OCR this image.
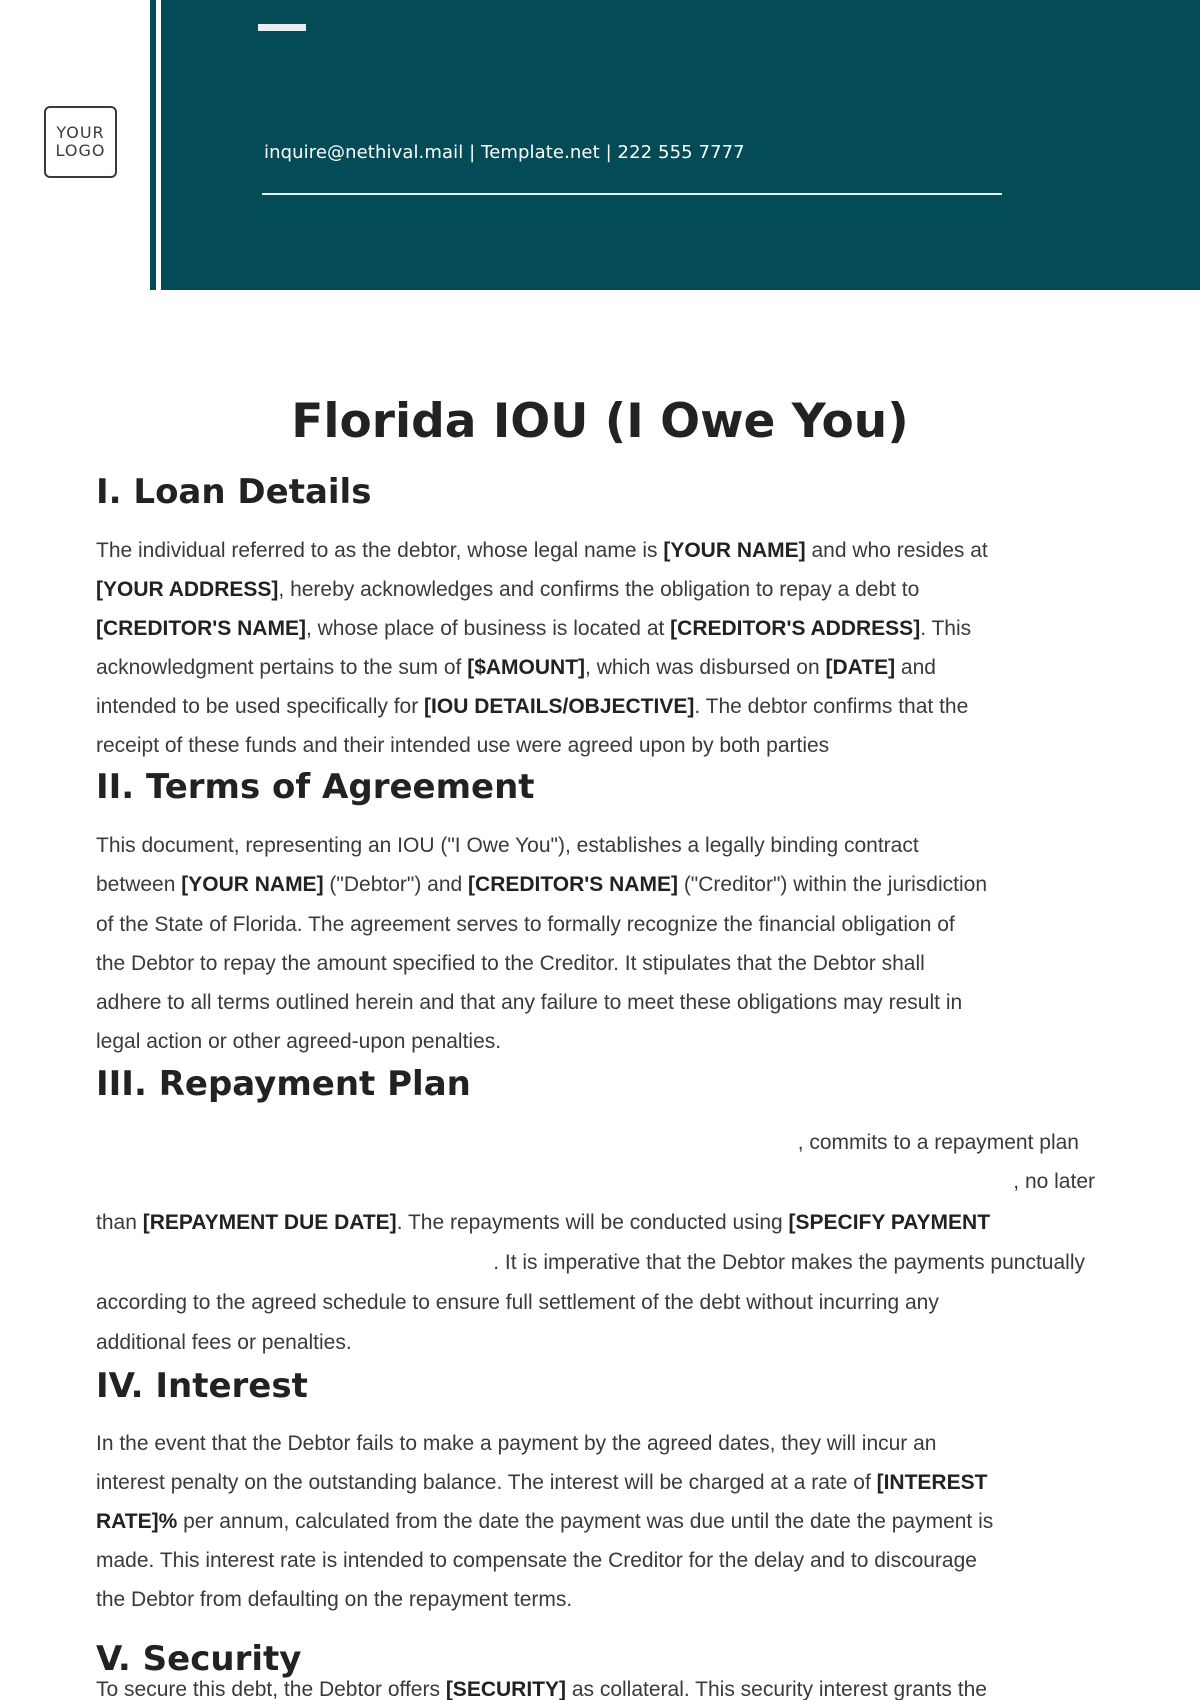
YOUR
LOGO	inquire@nethival.mail | Template.net | 222 555 7777
Florida IOU (I Owe You)
I. Loan Details
The individual referred to as the debtor, whose legal name is [YOUR NAME] and who resides at
[YOUR ADDRESS], hereby acknowledges and confirms the obligation to repay a debt to
[CREDITOR'S NAME], whose place of business is located at [CREDITOR'S ADDRESS]. This
acknowledgment pertains to the sum of [$AMOUNT], which was disbursed on [DATE] and
intended to be used specifically for [IOU DETAILS/OBJECTIVE]. The debtor confirms that the
receipt of these funds and their intended use were agreed upon by both parties
II. Terms of Agreement
This document, representing an IOU ("I Owe You"), establishes a legally binding contract
between [YOUR NAME] ("Debtor") and [CREDITOR'S NAME] ("Creditor") within the jurisdiction
of the State of Florida. The agreement serves to formally recognize the financial obligation of
the Debtor to repay the amount specified to the Creditor. It stipulates that the Debtor shall
adhere to all terms outlined herein and that any failure to meet these obligations may result in
legal action or other agreed-upon penalties.
III. Repayment Plan
, commits to a repayment plan
, no later
than [REPAYMENT DUE DATE]. The repayments will be conducted using [SPECIFY PAYMENT
. It is imperative that the Debtor makes the payments punctually
according to the agreed schedule to ensure full settlement of the debt without incurring any
additional fees or penalties.
IV. Interest
In the event that the Debtor fails to make a payment by the agreed dates, they will incur an
interest penalty on the outstanding balance. The interest will be charged at a rate of [INTEREST
RATE]% per annum, calculated from the date the payment was due until the date the payment is
made. This interest rate is intended to compensate the Creditor for the delay and to discourage
the Debtor from defaulting on the repayment terms.
V. Security
To secure this debt, the Debtor offers [SECURITY] as collateral. This security interest grants the
